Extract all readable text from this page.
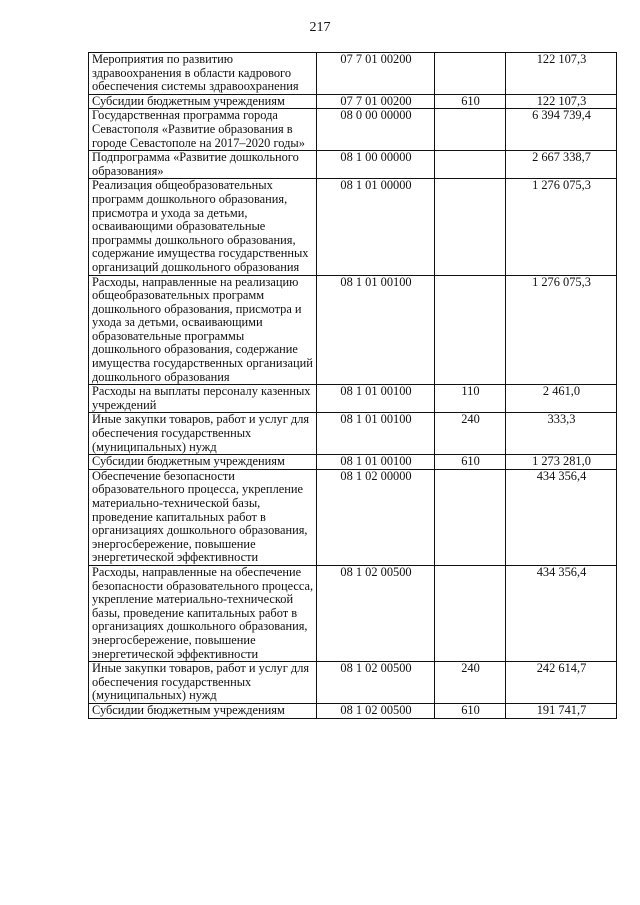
217
Мероприятия по развитию здравоохранения в области кадрового обеспечения системы здравоохранения	07 7 01 00200		122 107,3
Субсидии бюджетным учреждениям	07 7 01 00200	610	122 107,3
Государственная программа города Севастополя «Развитие образования в городе Севастополе на 2017–2020 годы»	08 0 00 00000		6 394 739,4
Подпрограмма «Развитие дошкольного образования»	08 1 00 00000		2 667 338,7
Реализация общеобразовательных программ дошкольного образования, присмотра и ухода за детьми, осваивающими образовательные программы дошкольного образования, содержание имущества государственных организаций дошкольного образования	08 1 01 00000		1 276 075,3
Расходы, направленные на реализацию общеобразовательных программ дошкольного образования, присмотра и ухода за детьми, осваивающими образовательные программы дошкольного образования, содержание имущества государственных организаций дошкольного образования	08 1 01 00100		1 276 075,3
Расходы на выплаты персоналу казенных учреждений	08 1 01 00100	110	2 461,0
Иные закупки товаров, работ и услуг для обеспечения государственных (муниципальных) нужд	08 1 01 00100	240	333,3
Субсидии бюджетным учреждениям	08 1 01 00100	610	1 273 281,0
Обеспечение безопасности образовательного процесса, укрепление материально-технической базы, проведение капитальных работ в организациях дошкольного образования, энергосбережение, повышение энергетической эффективности	08 1 02 00000		434 356,4
Расходы, направленные на обеспечение безопасности образовательного процесса, укрепление материально-технической базы, проведение капитальных работ в организациях дошкольного образования, энергосбережение, повышение энергетической эффективности	08 1 02 00500		434 356,4
Иные закупки товаров, работ и услуг для обеспечения государственных (муниципальных) нужд	08 1 02 00500	240	242 614,7
Субсидии бюджетным учреждениям	08 1 02 00500	610	191 741,7
